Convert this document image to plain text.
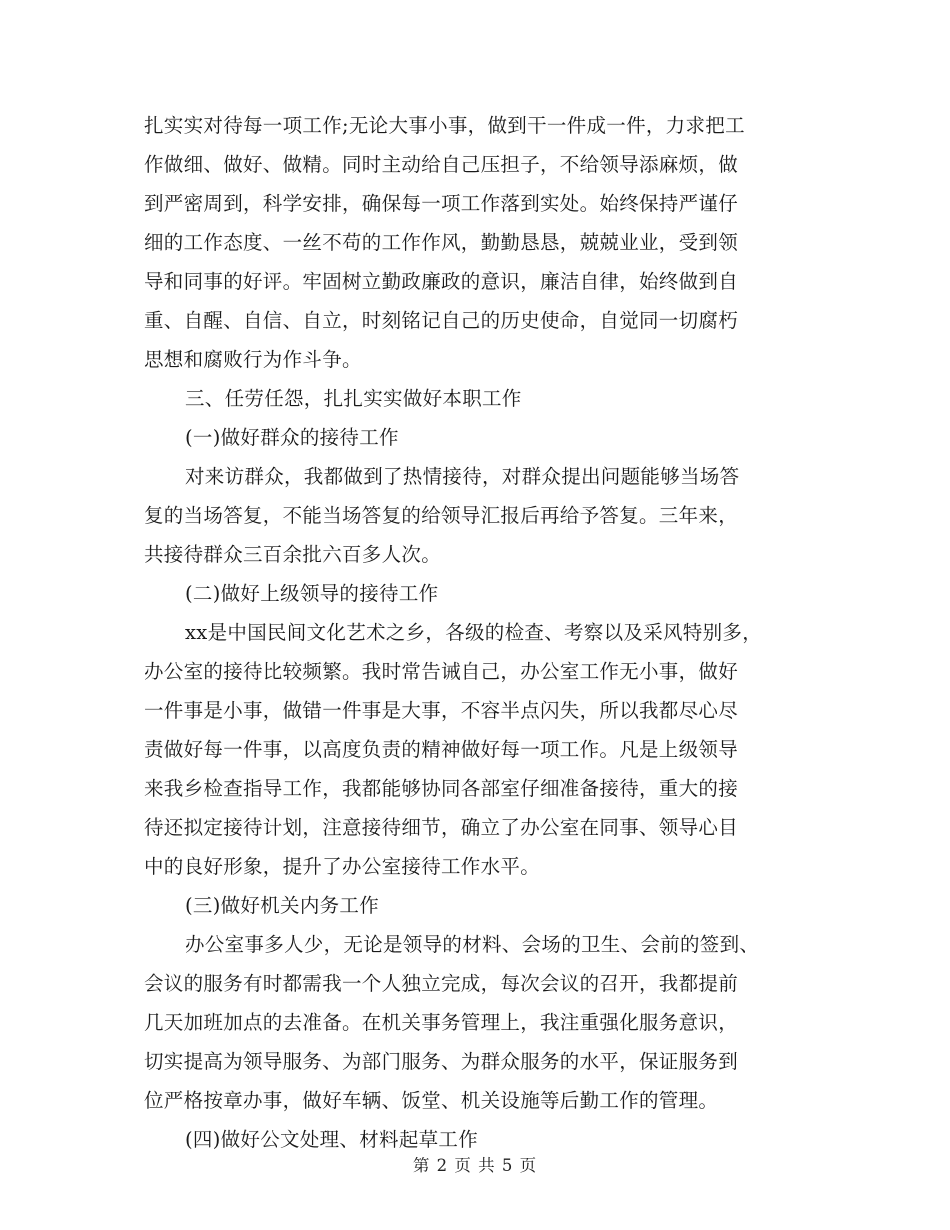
扎实实对待每一项工作;无论大事小事，做到干一件成一件，力求把工
作做细、做好、做精。同时主动给自己压担子，不给领导添麻烦，做
到严密周到，科学安排，确保每一项工作落到实处。始终保持严谨仔
细的工作态度、一丝不苟的工作作风，勤勤恳恳，兢兢业业，受到领
导和同事的好评。牢固树立勤政廉政的意识，廉洁自律，始终做到自
重、自醒、自信、自立，时刻铭记自己的历史使命，自觉同一切腐朽
思想和腐败行为作斗争。
三、任劳任怨，扎扎实实做好本职工作
(一)做好群众的接待工作
对来访群众，我都做到了热情接待，对群众提出问题能够当场答
复的当场答复，不能当场答复的给领导汇报后再给予答复。三年来，
共接待群众三百余批六百多人次。
(二)做好上级领导的接待工作
xx是中国民间文化艺术之乡，各级的检查、考察以及采风特别多，
办公室的接待比较频繁。我时常告诫自己，办公室工作无小事，做好
一件事是小事，做错一件事是大事，不容半点闪失，所以我都尽心尽
责做好每一件事，以高度负责的精神做好每一项工作。凡是上级领导
来我乡检查指导工作，我都能够协同各部室仔细准备接待，重大的接
待还拟定接待计划，注意接待细节，确立了办公室在同事、领导心目
中的良好形象，提升了办公室接待工作水平。
(三)做好机关内务工作
办公室事多人少，无论是领导的材料、会场的卫生、会前的签到、
会议的服务有时都需我一个人独立完成，每次会议的召开，我都提前
几天加班加点的去准备。在机关事务管理上，我注重强化服务意识，
切实提高为领导服务、为部门服务、为群众服务的水平，保证服务到
位严格按章办事，做好车辆、饭堂、机关设施等后勤工作的管理。
(四)做好公文处理、材料起草工作
第 2 页 共 5 页
